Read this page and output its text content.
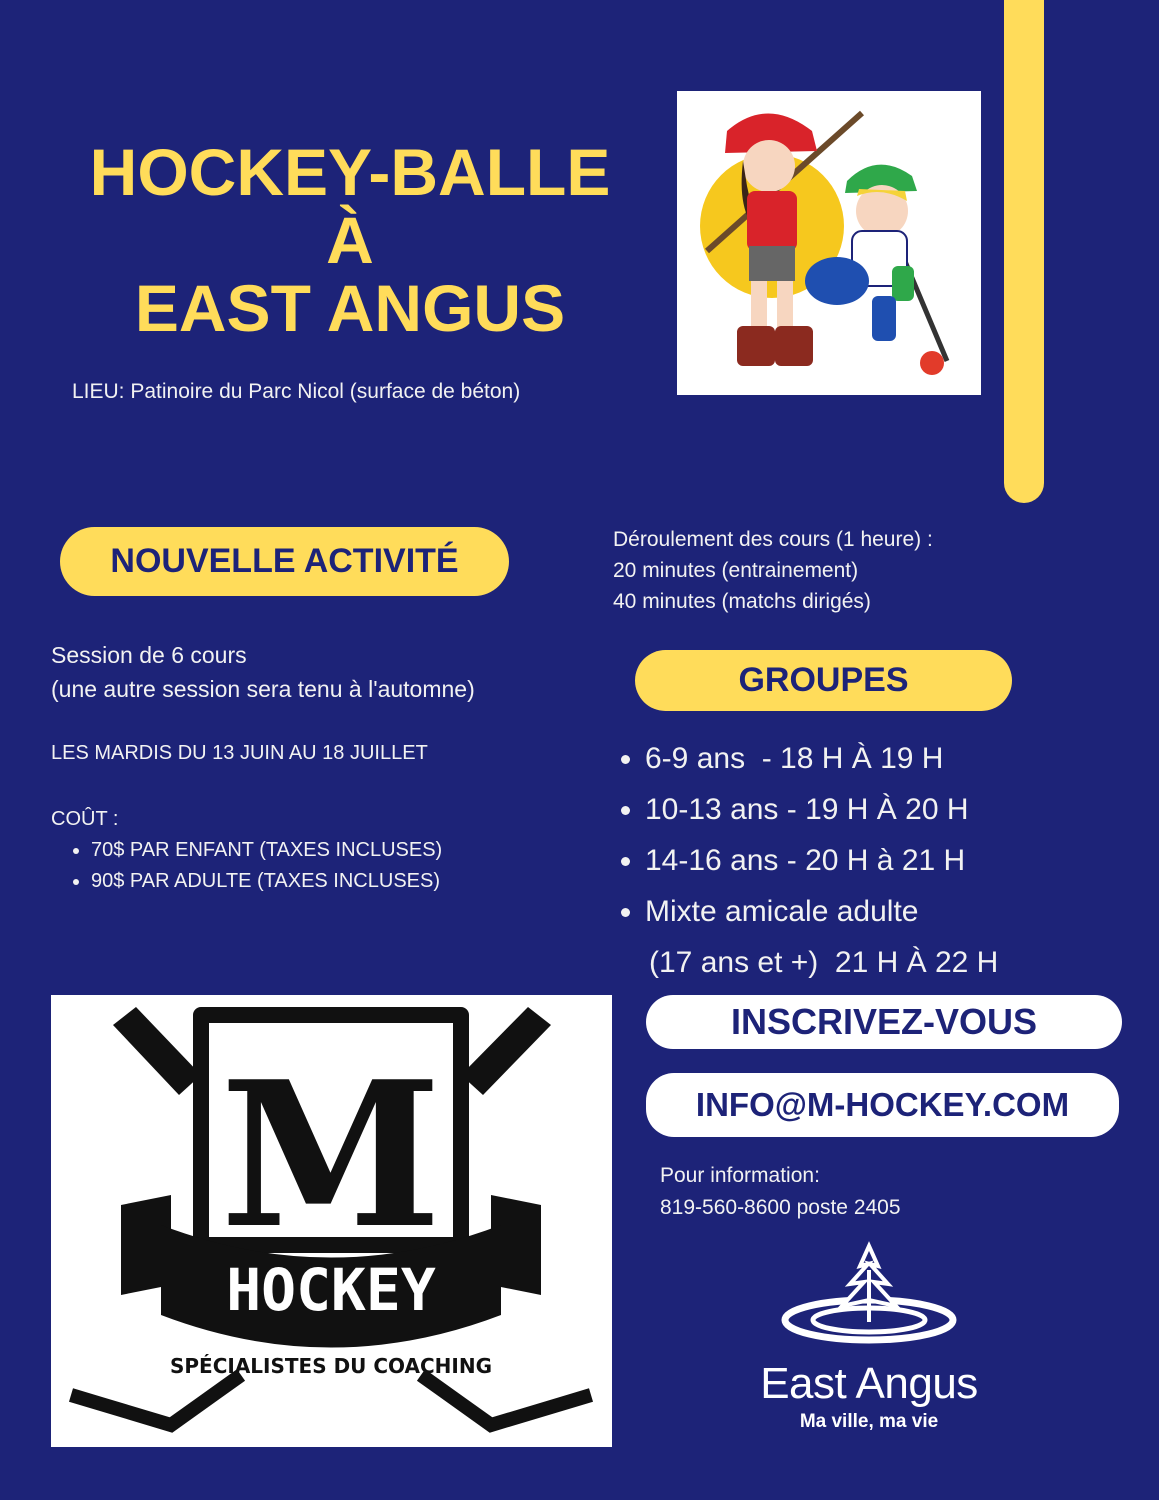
HOCKEY-BALLE
À
EAST ANGUS
LIEU: Patinoire du Parc Nicol (surface de béton)
NOUVELLE ACTIVITÉ
Déroulement des cours (1 heure) :
20 minutes (entrainement)
40 minutes (matchs dirigés)
Session de 6 cours
(une autre session sera tenu à l'automne)
LES MARDIS DU 13 JUIN AU 18 JUILLET
COÛT :
• 70$ PAR ENFANT (TAXES INCLUSES)
• 90$ PAR ADULTE (TAXES INCLUSES)
GROUPES
• 6-9 ans  - 18 H À 19 H
• 10-13 ans - 19 H À 20 H
• 14-16 ans - 20 H à 21 H
• Mixte amicale adulte
(17 ans et +)  21 H À 22 H
M
HOCKEY
SPÉCIALISTES DU COACHING
INSCRIVEZ-VOUS
INFO@M-HOCKEY.COM
Pour information:
819-560-8600 poste 2405
East Angus
Ma ville, ma vie
